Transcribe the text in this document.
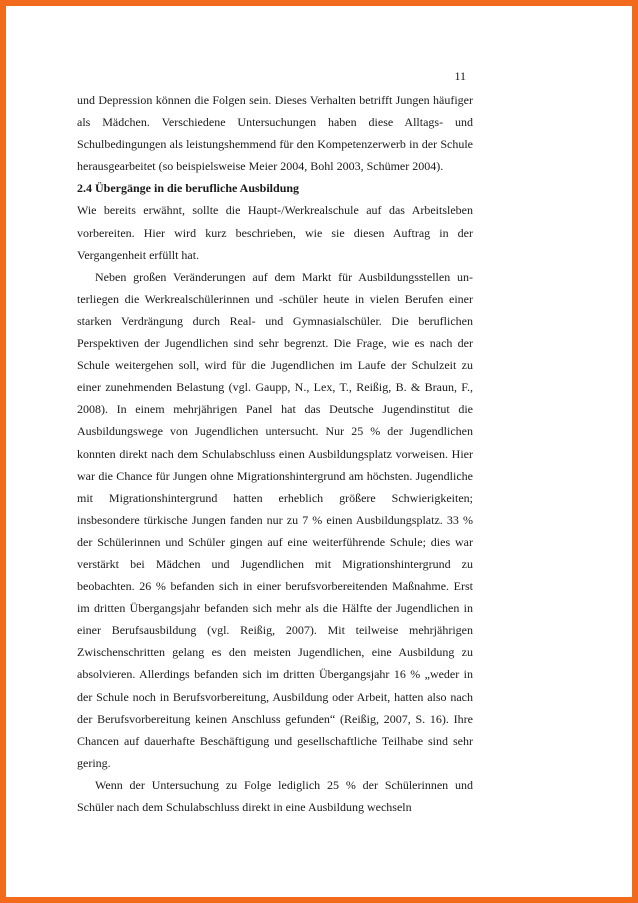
11

und Depression können die Folgen sein. Dieses Verhalten betrifft Jungen häufiger als Mädchen. Verschiedene Untersuchungen haben diese Alltags- und Schulbedingungen als leistungshemmend für den Kompetenzerwerb in der Schule herausgearbeitet (so beispielsweise Meier 2004, Bohl 2003, Schümer 2004).

2.4 Übergänge in die berufliche Ausbildung

Wie bereits erwähnt, sollte die Haupt-/Werkrealschule auf das Arbeitsleben vorbereiten. Hier wird kurz beschrieben, wie sie diesen Auftrag in der Vergangenheit erfüllt hat.

Neben großen Veränderungen auf dem Markt für Ausbildungsstellen unterliegen die Werkrealschülerinnen und -schüler heute in vielen Berufen einer starken Verdrängung durch Real- und Gymnasialschüler. Die beruflichen Perspektiven der Jugendlichen sind sehr begrenzt. Die Frage, wie es nach der Schule weitergehen soll, wird für die Jugendlichen im Laufe der Schulzeit zu einer zunehmenden Belastung (vgl. Gaupp, N., Lex, T., Reißig, B. & Braun, F., 2008). In einem mehrjährigen Panel hat das Deutsche Jugendinstitut die Ausbildungswege von Jugendlichen untersucht. Nur 25 % der Jugendlichen konnten direkt nach dem Schulabschluss einen Ausbildungsplatz vorweisen. Hier war die Chance für Jungen ohne Migrationshintergrund am höchsten. Jugendliche mit Migrationshintergrund hatten erheblich größere Schwierigkeiten; insbesondere türkische Jungen fanden nur zu 7 % einen Ausbildungsplatz. 33 % der Schülerinnen und Schüler gingen auf eine weiterführende Schule; dies war verstärkt bei Mädchen und Jugendlichen mit Migrationshintergrund zu beobachten. 26 % befanden sich in einer berufsvorbereitenden Maßnahme. Erst im dritten Übergangsjahr befanden sich mehr als die Hälfte der Jugendlichen in einer Berufsausbildung (vgl. Reißig, 2007). Mit teilweise mehrjährigen Zwischenschritten gelang es den meisten Jugendlichen, eine Ausbildung zu absolvieren. Allerdings befanden sich im dritten Übergangsjahr 16 % „weder in der Schule noch in Berufsvorbereitung, Ausbildung oder Arbeit, hatten also nach der Berufsvorbereitung keinen Anschluss gefunden“ (Reißig, 2007, S. 16). Ihre Chancen auf dauerhafte Beschäftigung und gesellschaftliche Teilhabe sind sehr gering.

Wenn der Untersuchung zu Folge lediglich 25 % der Schülerinnen und Schüler nach dem Schulabschluss direkt in eine Ausbildung wechseln
